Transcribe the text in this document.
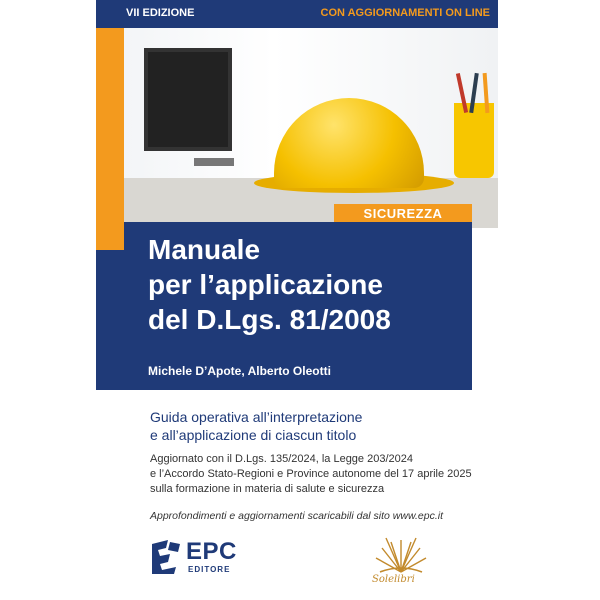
VII EDIZIONE	CON AGGIORNAMENTI ON LINE
SICUREZZA
Manuale
per l’applicazione
del D.Lgs. 81/2008
Michele D’Apote, Alberto Oleotti
Guida operativa all’interpretazione
e all’applicazione di ciascun titolo
Aggiornato con il D.Lgs. 135/2024, la Legge 203/2024
e l’Accordo Stato-Regioni e Province autonome del 17 aprile 2025
sulla formazione in materia di salute e sicurezza
Approfondimenti e aggiornamenti scaricabili dal sito www.epc.it
EPC
EDITORE
Solelibri
